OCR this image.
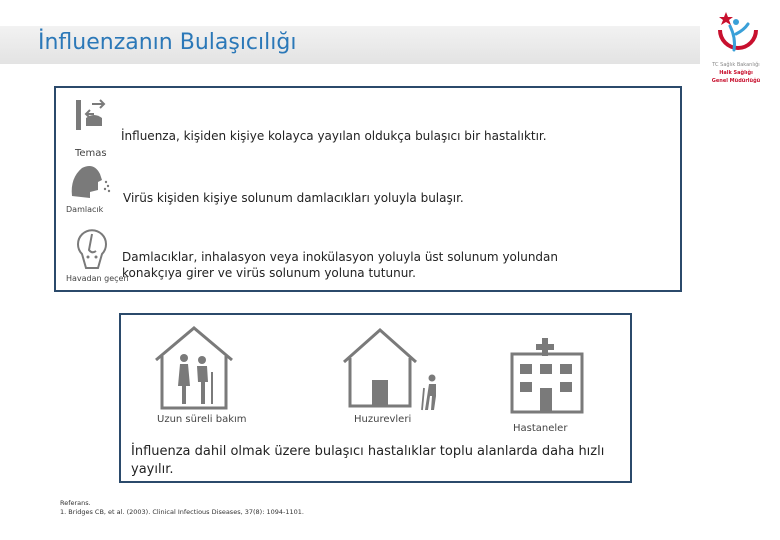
İnfluenzanın Bulaşıcılığı
TC Sağlık Bakanlığı
Halk Sağlığı
Genel Müdürlüğü
Temas
İnfluenza, kişiden kişiye kolayca yayılan oldukça bulaşıcı bir hastalıktır.
Damlacık
Virüs kişiden kişiye solunum damlacıkları yoluyla bulaşır.
Havadan geçen
Damlacıklar, inhalasyon veya inokülasyon yoluyla üst solunum yolundan
konakçıya girer ve virüs solunum yoluna tutunur.
Uzun süreli bakım	Huzurevleri
Hastaneler
İnfluenza dahil olmak üzere bulaşıcı hastalıklar toplu alanlarda daha hızlı
yayılır.
Referans.
1. Bridges CB, et al. (2003). Clinical Infectious Diseases, 37(8): 1094-1101.
